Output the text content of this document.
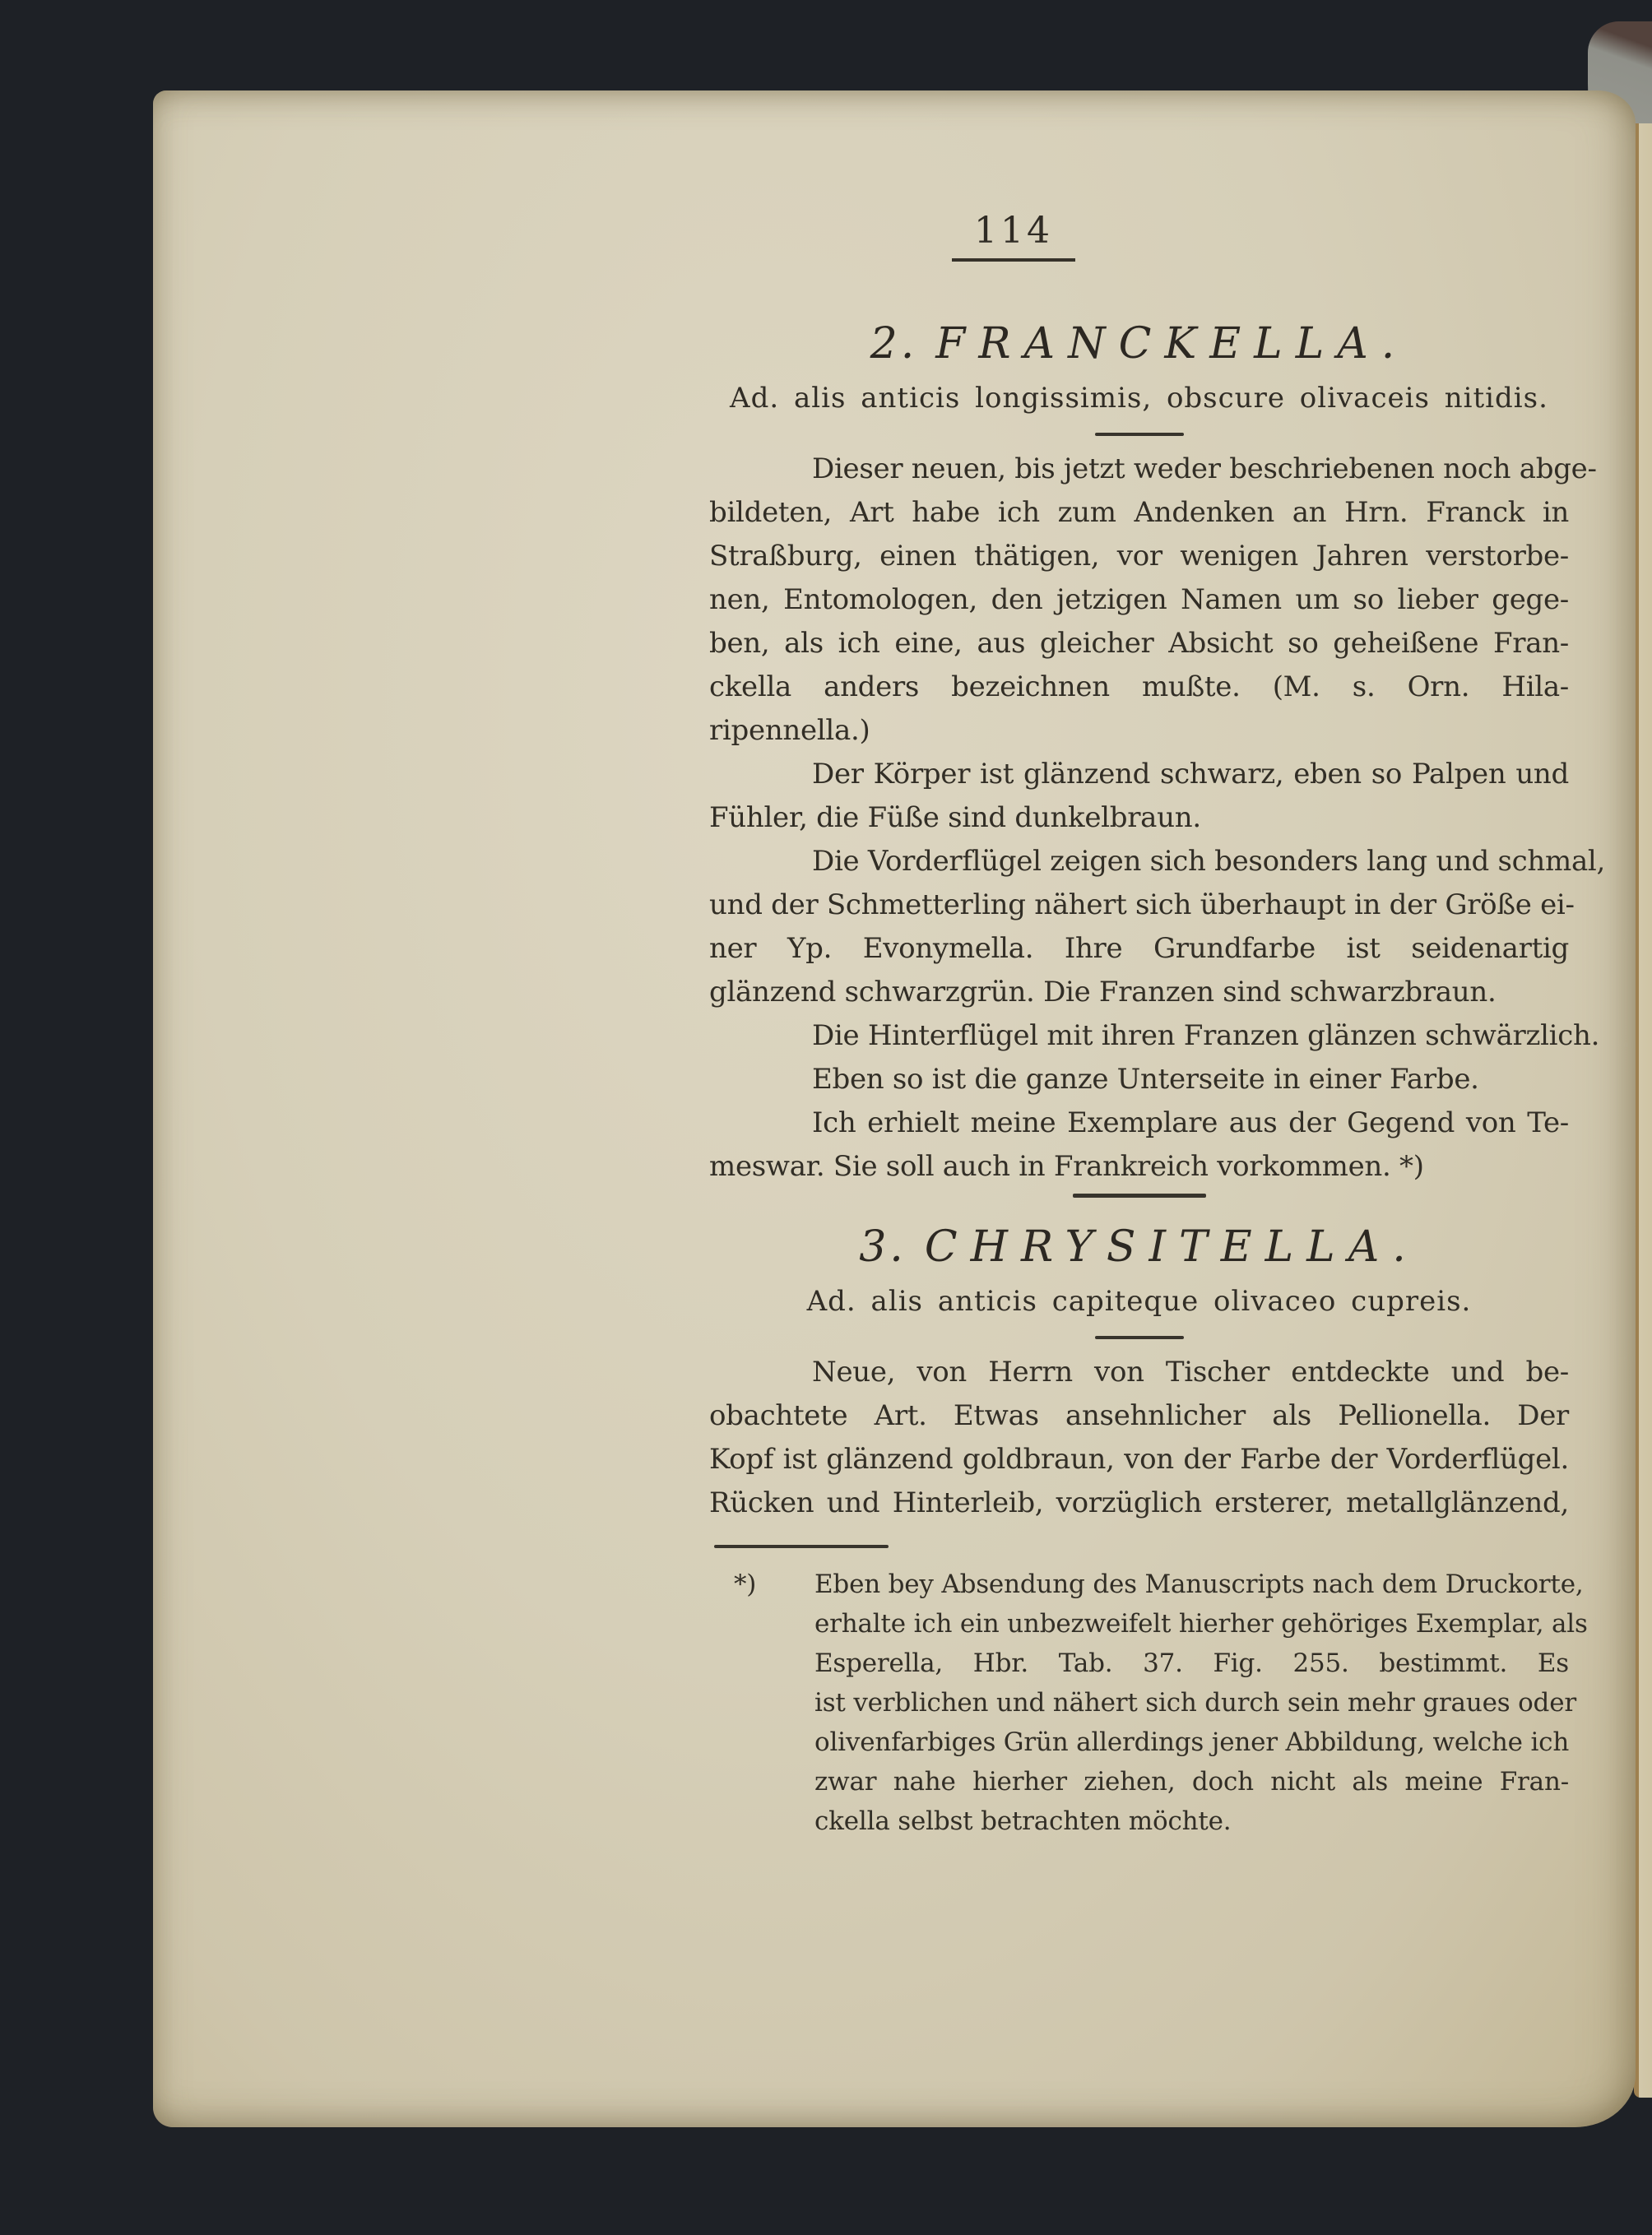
114
2. FRANCKELLA.
Ad. alis anticis longissimis, obscure olivaceis nitidis.
Dieser neuen, bis jetzt weder beschriebenen noch abge-
bildeten, Art habe ich zum Andenken an Hrn. Franck in
Straßburg, einen thätigen, vor wenigen Jahren verstorbe-
nen, Entomologen, den jetzigen Namen um so lieber gege-
ben, als ich eine, aus gleicher Absicht so geheißene Fran-
ckella anders bezeichnen mußte. (M. s. Orn. Hila-
ripennella.)
Der Körper ist glänzend schwarz, eben so Palpen und
Fühler, die Füße sind dunkelbraun.
Die Vorderflügel zeigen sich besonders lang und schmal,
und der Schmetterling nähert sich überhaupt in der Größe ei-
ner Yp. Evonymella. Ihre Grundfarbe ist seidenartig
glänzend schwarzgrün. Die Franzen sind schwarzbraun.
Die Hinterflügel mit ihren Franzen glänzen schwärzlich.
Eben so ist die ganze Unterseite in einer Farbe.
Ich erhielt meine Exemplare aus der Gegend von Te-
meswar. Sie soll auch in Frankreich vorkommen. *)
3. CHRYSITELLA.
Ad. alis anticis capiteque olivaceo cupreis.
Neue, von Herrn von Tischer entdeckte und be-
obachtete Art. Etwas ansehnlicher als Pellionella. Der
Kopf ist glänzend goldbraun, von der Farbe der Vorderflügel.
Rücken und Hinterleib, vorzüglich ersterer, metallglänzend,
*) Eben bey Absendung des Manuscripts nach dem Druckorte,
erhalte ich ein unbezweifelt hierher gehöriges Exemplar, als
Esperella, Hbr. Tab. 37. Fig. 255. bestimmt. Es
ist verblichen und nähert sich durch sein mehr graues oder
olivenfarbiges Grün allerdings jener Abbildung, welche ich
zwar nahe hierher ziehen, doch nicht als meine Fran-
ckella selbst betrachten möchte.
